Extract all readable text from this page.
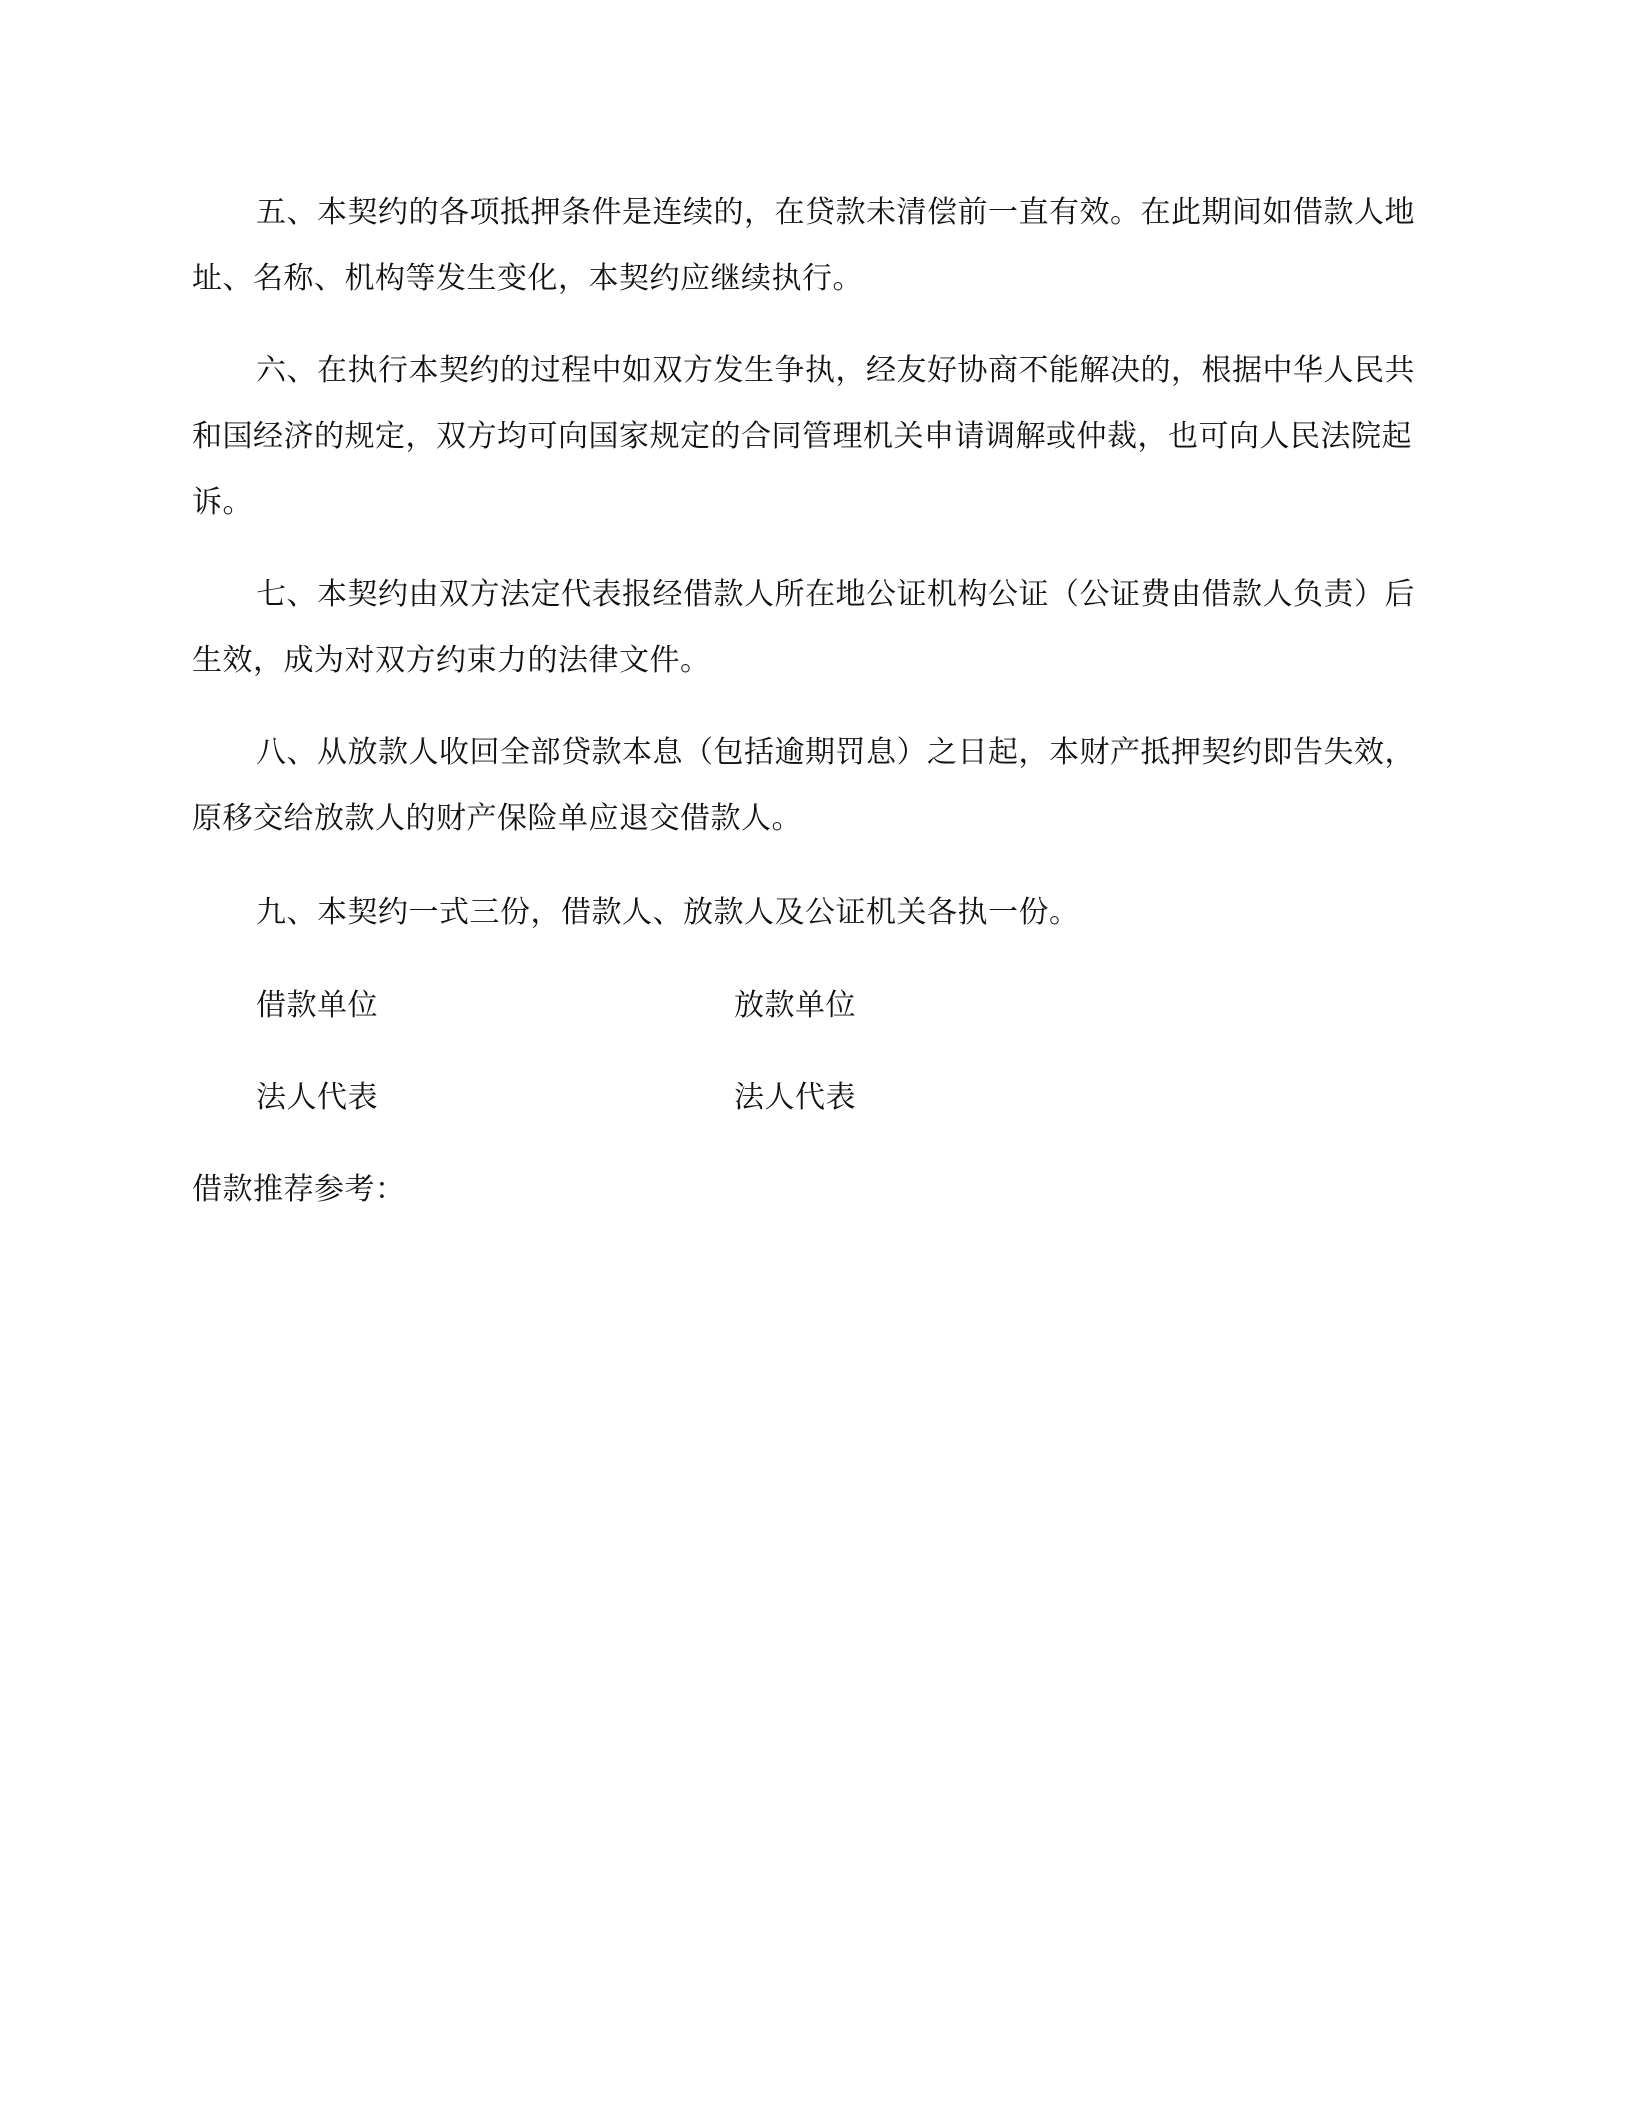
五、本契约的各项抵押条件是连续的，在贷款未清偿前一直有效。在此期间如借款人地址、名称、机构等发生变化，本契约应继续执行。

六、在执行本契约的过程中如双方发生争执，经友好协商不能解决的，根据中华人民共和国经济的规定，双方均可向国家规定的合同管理机关申请调解或仲裁，也可向人民法院起诉。

七、本契约由双方法定代表报经借款人所在地公证机构公证（公证费由借款人负责）后生效，成为对双方约束力的法律文件。

八、从放款人收回全部贷款本息（包括逾期罚息）之日起，本财产抵押契约即告失效，原移交给放款人的财产保险单应退交借款人。

九、本契约一式三份，借款人、放款人及公证机关各执一份。

借款单位	放款单位

法人代表	法人代表

借款推荐参考：
